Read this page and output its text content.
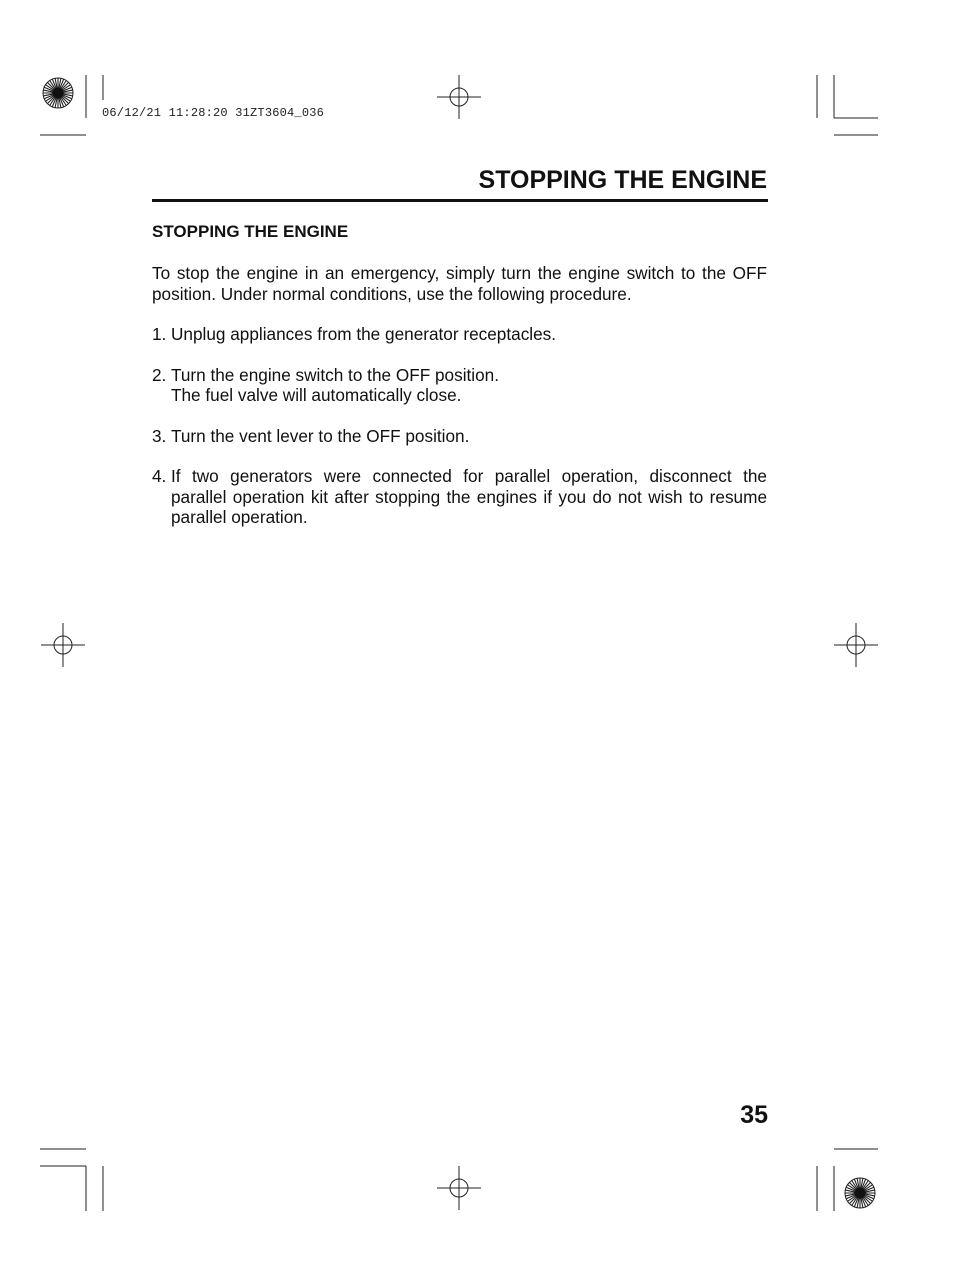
06/12/21 11:28:20 31ZT3604_036
STOPPING THE ENGINE
STOPPING THE ENGINE

To stop the engine in an emergency, simply turn the engine switch to the OFF position. Under normal conditions, use the following procedure.

1. Unplug appliances from the generator receptacles.
2. Turn the engine switch to the OFF position.
The fuel valve will automatically close.
3. Turn the vent lever to the OFF position.
4. If two generators were connected for parallel operation, disconnect the parallel operation kit after stopping the engines if you do not wish to resume parallel operation.
35
